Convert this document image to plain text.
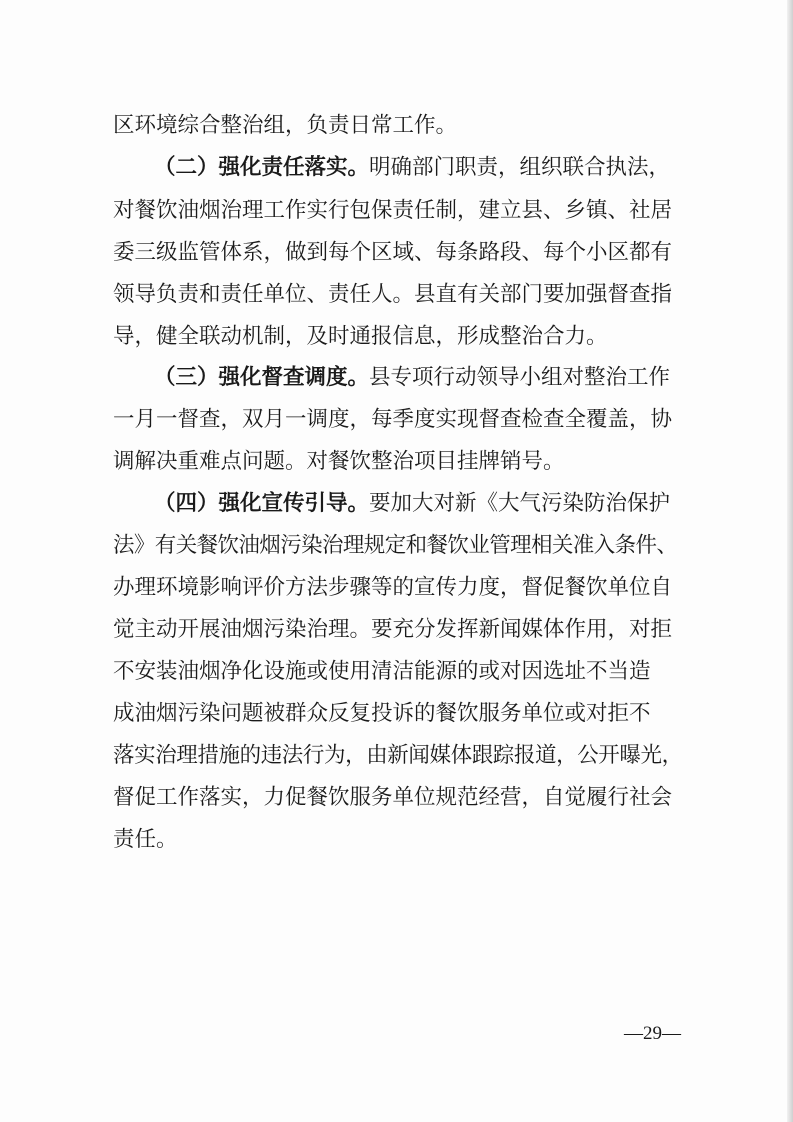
区环境综合整治组，负责日常工作。
（二）强化责任落实。明确部门职责，组织联合执法，
对餐饮油烟治理工作实行包保责任制，建立县、乡镇、社居
委三级监管体系，做到每个区域、每条路段、每个小区都有
领导负责和责任单位、责任人。县直有关部门要加强督查指
导，健全联动机制，及时通报信息，形成整治合力。
（三）强化督查调度。县专项行动领导小组对整治工作
一月一督查，双月一调度，每季度实现督查检查全覆盖，协
调解决重难点问题。对餐饮整治项目挂牌销号。
（四）强化宣传引导。要加大对新《大气污染防治保护
法》有关餐饮油烟污染治理规定和餐饮业管理相关准入条件、
办理环境影响评价方法步骤等的宣传力度，督促餐饮单位自
觉主动开展油烟污染治理。要充分发挥新闻媒体作用，对拒
不安装油烟净化设施或使用清洁能源的或对因选址不当造
成油烟污染问题被群众反复投诉的餐饮服务单位或对拒不
落实治理措施的违法行为，由新闻媒体跟踪报道，公开曝光，
督促工作落实，力促餐饮服务单位规范经营，自觉履行社会
责任。
—29—
